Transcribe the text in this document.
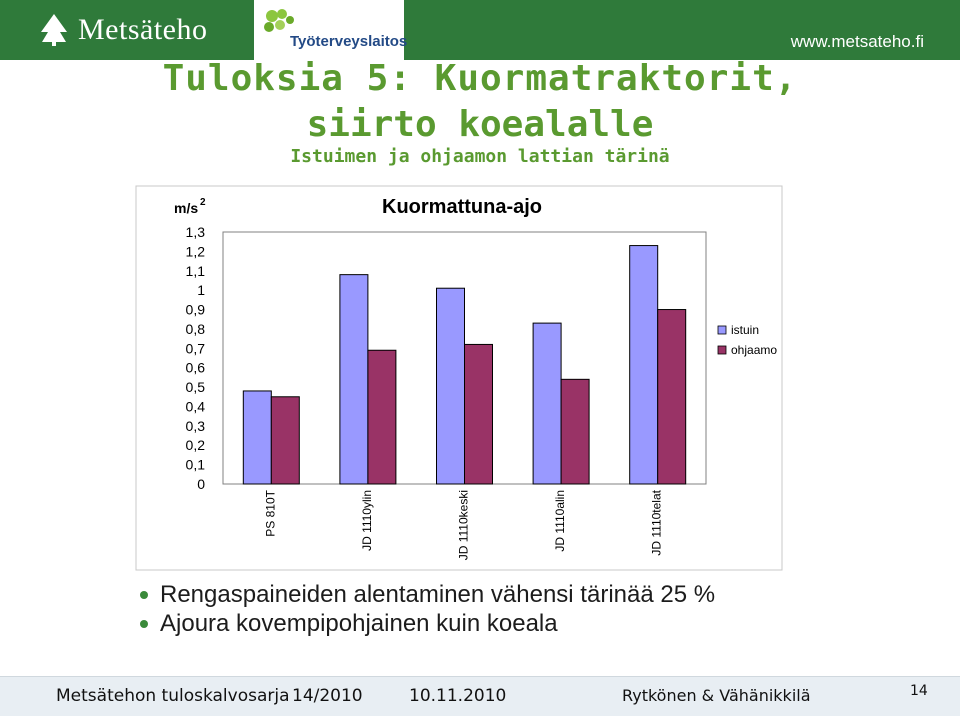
Metsäteho	Työterveyslaitos	www.metsateho.fi
Tuloksia 5: Kuormatraktorit,
siirto koealalle
Istuimen ja ohjaamon lattian tärinä
Kuormattuna-ajo
m/s 2
0
0,1
0,2
0,3
0,4
0,5
0,6
0,7
0,8
0,9
1
1,1
1,2
1,3
PS 810T	JD 1110ylin	JD 1110keski	JD 1110alin	JD 1110telat
istuin
ohjaamo
Rengaspaineiden alentaminen vähensi tärinää 25 %
Ajoura kovempipohjainen kuin koeala
Metsätehon tuloskalvosarja 14/2010	10.11.2010	Rytkönen & Vähänikkilä	14
